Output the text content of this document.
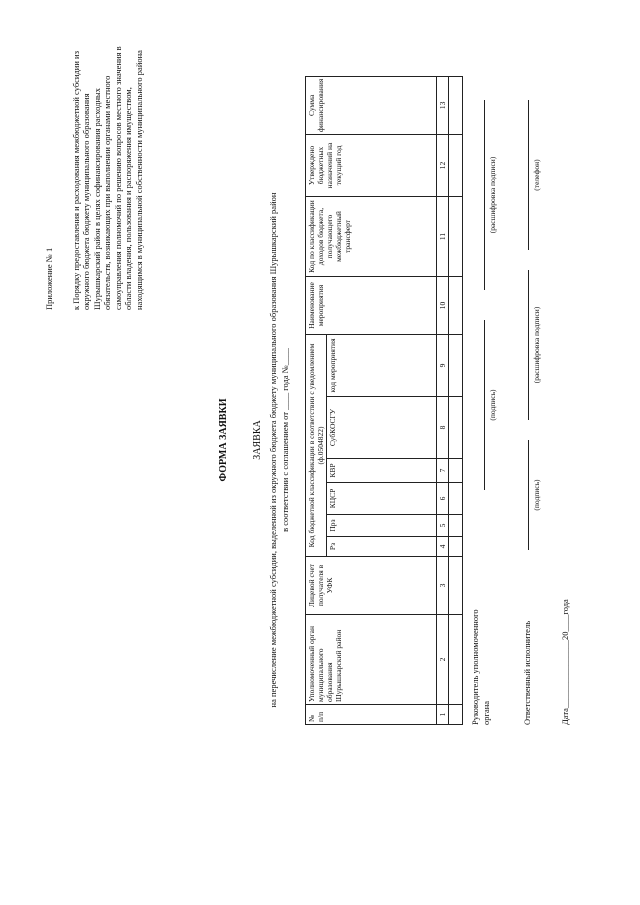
Приложение № 1 к Порядку предоставления и расходования межбюджетной субсидии из окружного бюджета бюджету муниципального образования Шурышкарский район в целях софинансирования расходных обязательств, возникающих при выполнении органами местного самоуправления полномочий по решению вопросов местного значения в области владения, пользования и распоряжения имуществом, находящимся в муниципальной собственности муниципального района
ФОРМА ЗАЯВКИ ЗАЯВКА на перечисление межбюджетной субсидии, выделенной из окружного бюджета бюджету муниципального образования Шурышкарский район в соответствии с соглашением от ____ года №____
№ п/п	Уполномоченный орган муниципального образования Шурышкарский район	Лицевой счет получателя в УФК	Код бюджетной классификации в соответствии с уведомлением (ф.0504822)						Наименование мероприятия	Код по классификации доходов бюджета, получающего межбюджетный трансферт	Утверждено бюджетных назначений на текущий год	Сумма финансирования
			Рз	Прз	КЦСР	КВР	СубКОСГУ	код мероприятия				
1	2	3	4	5	6	7	8	9	10	11	12	13

Руководитель уполномоченного органа
(подпись)
(расшифровка подписи)
Ответственный исполнитель
(подпись)
(расшифровка подписи)
(телефон)
Дата________________20____года
